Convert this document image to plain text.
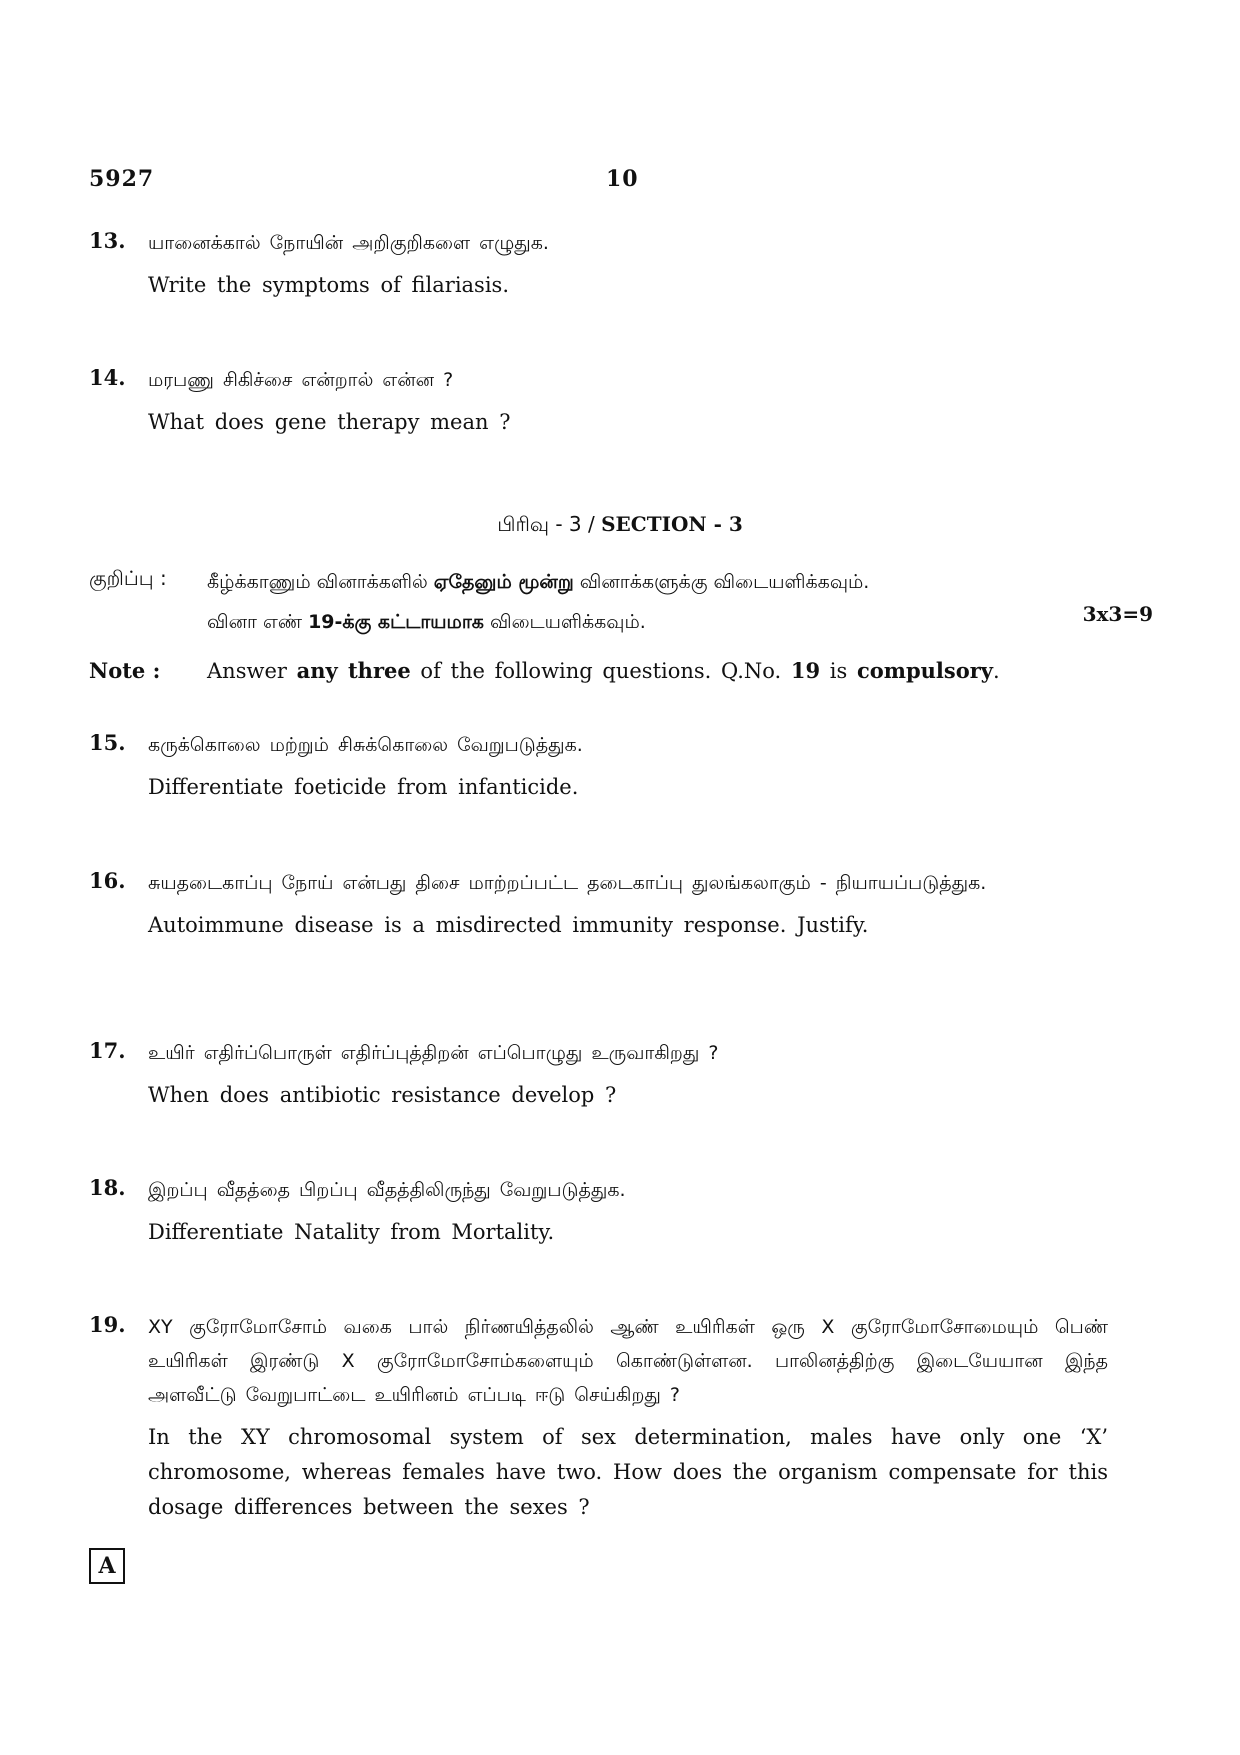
5927	10
13. யானைக்கால் நோயின் அறிகுறிகளை எழுதுக.
Write the symptoms of filariasis.
14. மரபணு சிகிச்சை என்றால் என்ன ?
What does gene therapy mean ?
பிரிவு - 3 / SECTION - 3
குறிப்பு : கீழ்க்காணும் வினாக்களில் ஏதேனும் மூன்று வினாக்களுக்கு விடையளிக்கவும்.
வினா எண் 19-க்கு கட்டாயமாக விடையளிக்கவும்.	3x3=9
Note : Answer any three of the following questions. Q.No. 19 is compulsory.
15. கருக்கொலை மற்றும் சிசுக்கொலை வேறுபடுத்துக.
Differentiate foeticide from infanticide.
16. சுயதடைகாப்பு நோய் என்பது திசை மாற்றப்பட்ட தடைகாப்பு துலங்கலாகும் - நியாயப்படுத்துக.
Autoimmune disease is a misdirected immunity response. Justify.
17. உயிர் எதிர்ப்பொருள் எதிர்ப்புத்திறன் எப்பொழுது உருவாகிறது ?
When does antibiotic resistance develop ?
18. இறப்பு வீதத்தை பிறப்பு வீதத்திலிருந்து வேறுபடுத்துக.
Differentiate Natality from Mortality.
19. XY குரோமோசோம் வகை பால் நிர்ணயித்தலில் ஆண் உயிரிகள் ஒரு X குரோமோசோமையும் பெண் உயிரிகள் இரண்டு X குரோமோசோம்களையும் கொண்டுள்ளன. பாலினத்திற்கு இடையேயான இந்த அளவீட்டு வேறுபாட்டை உயிரினம் எப்படி ஈடு செய்கிறது ?
In the XY chromosomal system of sex determination, males have only one ‘X’ chromosome, whereas females have two. How does the organism compensate for this dosage differences between the sexes ?
A
